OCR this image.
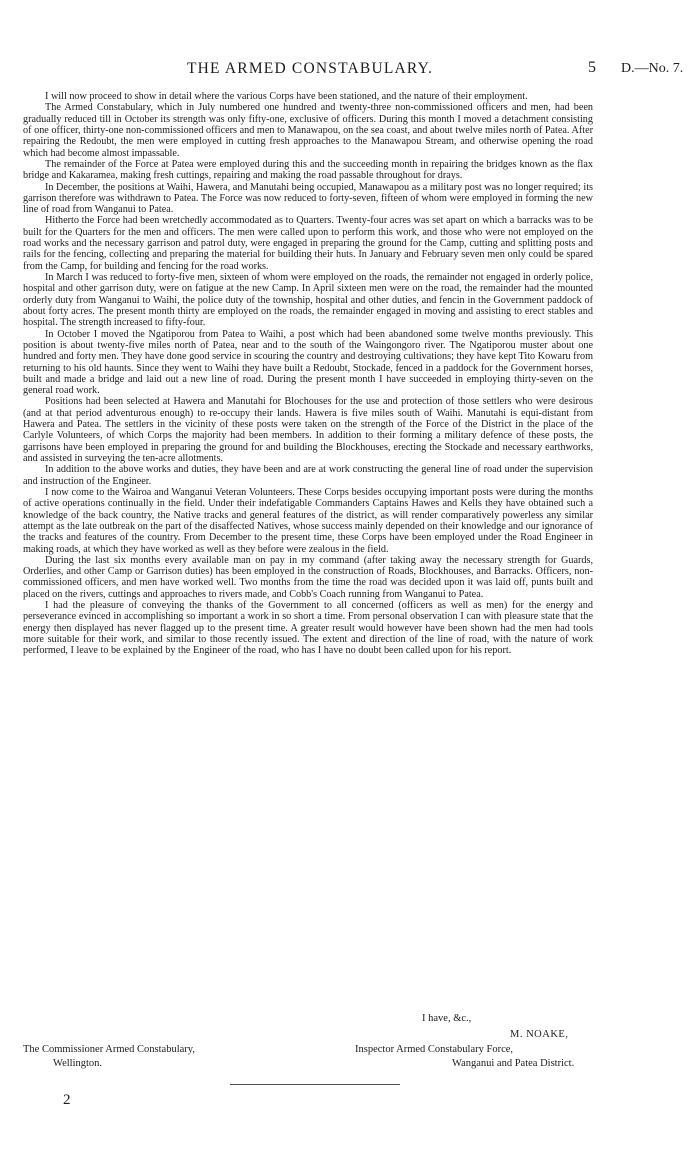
THE ARMED CONSTABULARY.	5 D.—No. 7.

I will now proceed to show in detail where the various Corps have been stationed, and the nature of their employment.

The Armed Constabulary, which in July numbered one hundred and twenty-three non-commissioned officers and men, had been gradually reduced till in October its strength was only fifty-one, exclusive of officers. During this month I moved a detachment consisting of one officer, thirty-one non-commissioned officers and men to Manawapou, on the sea coast, and about twelve miles north of Patea. After repairing the Redoubt, the men were employed in cutting fresh approaches to the Manawapou Stream, and otherwise opening the road which had become almost impassable.

The remainder of the Force at Patea were employed during this and the succeeding month in repairing the bridges known as the flax bridge and Kakaramea, making fresh cuttings, repairing and making the road passable throughout for drays.

In December, the positions at Waihi, Hawera, and Manutahi being occupied, Manawapou as a military post was no longer required; its garrison therefore was withdrawn to Patea. The Force was now reduced to forty-seven, fifteen of whom were employed in forming the new line of road from Wanganui to Patea.

Hitherto the Force had been wretchedly accommodated as to Quarters. Twenty-four acres was set apart on which a barracks was to be built for the Quarters for the men and officers. The men were called upon to perform this work, and those who were not employed on the road works and the necessary garrison and patrol duty, were engaged in preparing the ground for the Camp, cutting and splitting posts and rails for the fencing, collecting and preparing the material for building their huts. In January and February seven men only could be spared from the Camp, for building and fencing for the road works.

In March I was reduced to forty-five men, sixteen of whom were employed on the roads, the remainder not engaged in orderly police, hospital and other garrison duty, were on fatigue at the new Camp. In April sixteen men were on the road, the remainder had the mounted orderly duty from Wanganui to Waihi, the police duty of the township, hospital and other duties, and fencin in the Government paddock of about forty acres. The present month thirty are employed on the roads, the remainder engaged in moving and assisting to erect stables and hospital. The strength increased to fifty-four.

In October I moved the Ngatiporou from Patea to Waihi, a post which had been abandoned some twelve months previously. This position is about twenty-five miles north of Patea, near and to the south of the Waingongoro river. The Ngatiporou muster about one hundred and forty men. They have done good service in scouring the country and destroying cultivations; they have kept Tito Kowaru from returning to his old haunts. Since they went to Waihi they have built a Redoubt, Stockade, fenced in a paddock for the Government horses, built and made a bridge and laid out a new line of road. During the present month I have succeeded in employing thirty-seven on the general road work.

Positions had been selected at Hawera and Manutahi for Blochouses for the use and protection of those settlers who were desirous (and at that period adventurous enough) to re-occupy their lands. Hawera is five miles south of Waihi. Manutahi is equi-distant from Hawera and Patea. The settlers in the vicinity of these posts were taken on the strength of the Force of the District in the place of the Carlyle Volunteers, of which Corps the majority had been members. In addition to their forming a military defence of these posts, the garrisons have been employed in preparing the ground for and building the Blockhouses, erecting the Stockade and necessary earthworks, and assisted in surveying the ten-acre allotments.

In addition to the above works and duties, they have been and are at work constructing the general line of road under the supervision and instruction of the Engineer.

I now come to the Wairoa and Wanganui Veteran Volunteers. These Corps besides occupying important posts were during the months of active operations continually in the field. Under their indefatigable Commanders Captains Hawes and Kells they have obtained such a knowledge of the back country, the Native tracks and general features of the district, as will render comparatively powerless any similar attempt as the late outbreak on the part of the disaffected Natives, whose success mainly depended on their knowledge and our ignorance of the tracks and features of the country. From December to the present time, these Corps have been employed under the Road Engineer in making roads, at which they have worked as well as they before were zealous in the field.

During the last six months every available man on pay in my command (after taking away the necessary strength for Guards, Orderlies, and other Camp or Garrison duties) has been employed in the construction of Roads, Blockhouses, and Barracks. Officers, non-commissioned officers, and men have worked well. Two months from the time the road was decided upon it was laid off, punts built and placed on the rivers, cuttings and approaches to rivers made, and Cobb's Coach running from Wanganui to Patea.

I had the pleasure of conveying the thanks of the Government to all concerned (officers as well as men) for the energy and perseverance evinced in accomplishing so important a work in so short a time. From personal observation I can with pleasure state that the energy then displayed has never flagged up to the present time. A greater result would however have been shown had the men had tools more suitable for their work, and similar to those recently issued. The extent and direction of the line of road, with the nature of work performed, I leave to be explained by the Engineer of the road, who has I have no doubt been called upon for his report.

I have, &c.,
M. NOAKE,
The Commissioner Armed Constabulary,
Wellington.
Inspector Armed Constabulary Force,
Wanganui and Patea District.
2
